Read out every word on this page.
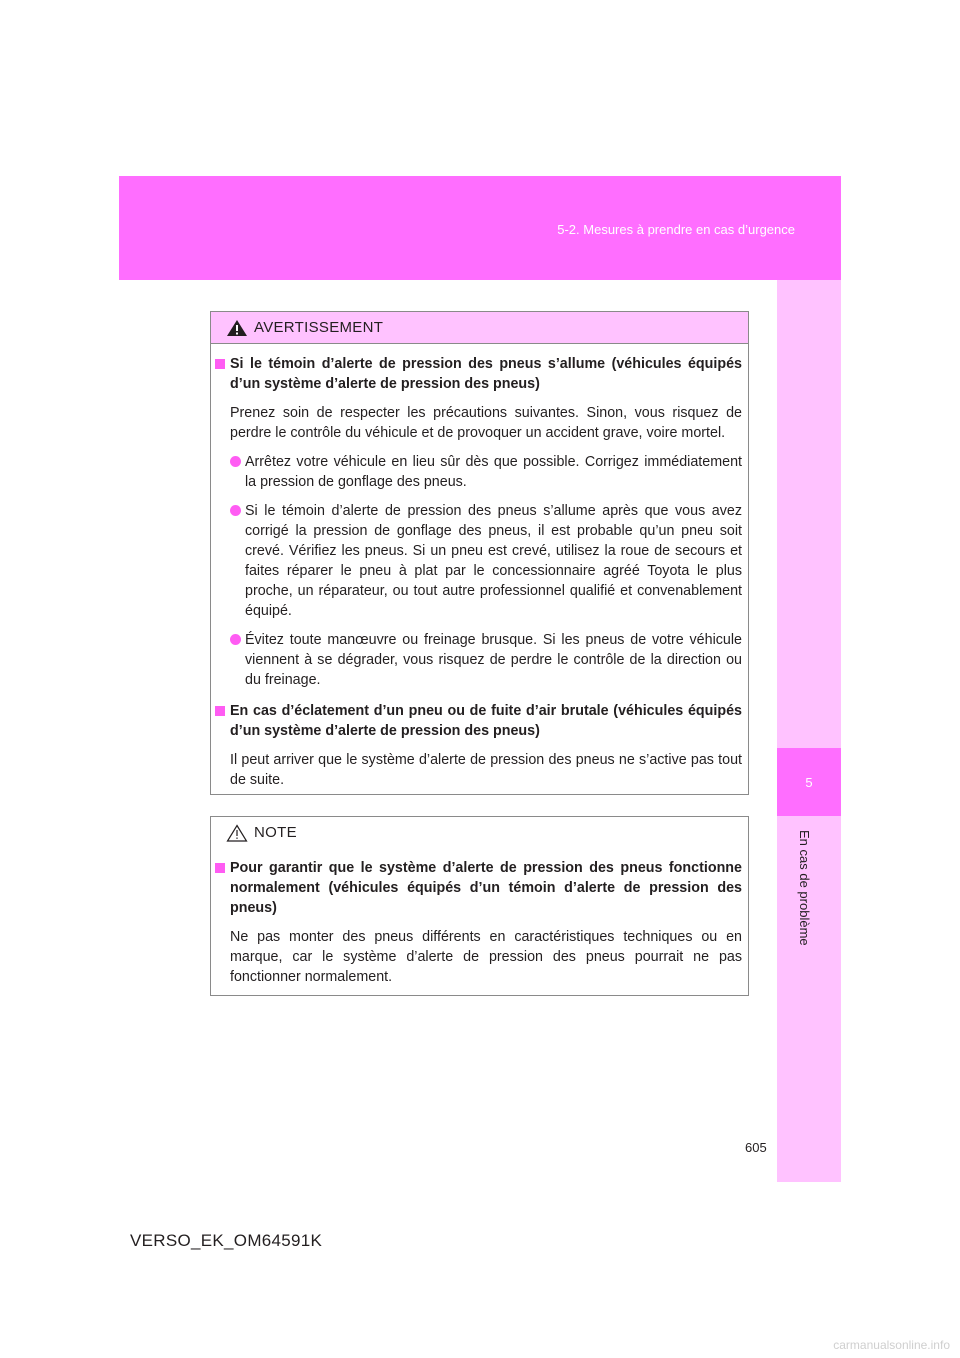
5-2. Mesures à prendre en cas d’urgence
5
En cas de problème
AVERTISSEMENT
Si le témoin d’alerte de pression des pneus s’allume (véhicules équipés d’un système d’alerte de pression des pneus)
Prenez soin de respecter les précautions suivantes. Sinon, vous risquez de perdre le contrôle du véhicule et de provoquer un accident grave, voire mortel.
Arrêtez votre véhicule en lieu sûr dès que possible. Corrigez immédiatement la pression de gonflage des pneus.
Si le témoin d’alerte de pression des pneus s’allume après que vous avez corrigé la pression de gonflage des pneus, il est probable qu’un pneu soit crevé. Vérifiez les pneus. Si un pneu est crevé, utilisez la roue de secours et faites réparer le pneu à plat par le concessionnaire agréé Toyota le plus proche, un réparateur, ou tout autre professionnel qualifié et convenablement équipé.
Évitez toute manœuvre ou freinage brusque. Si les pneus de votre véhicule viennent à se dégrader, vous risquez de perdre le contrôle de la direction ou du freinage.
En cas d’éclatement d’un pneu ou de fuite d’air brutale (véhicules équipés d’un système d’alerte de pression des pneus)
Il peut arriver que le système d’alerte de pression des pneus ne s’active pas tout de suite.
NOTE
Pour garantir que le système d’alerte de pression des pneus fonctionne normalement (véhicules équipés d’un témoin d’alerte de pression des pneus)
Ne pas monter des pneus différents en caractéristiques techniques ou en marque, car le système d’alerte de pression des pneus pourrait ne pas fonctionner normalement.
605
VERSO_EK_OM64591K
carmanualsonline.info
